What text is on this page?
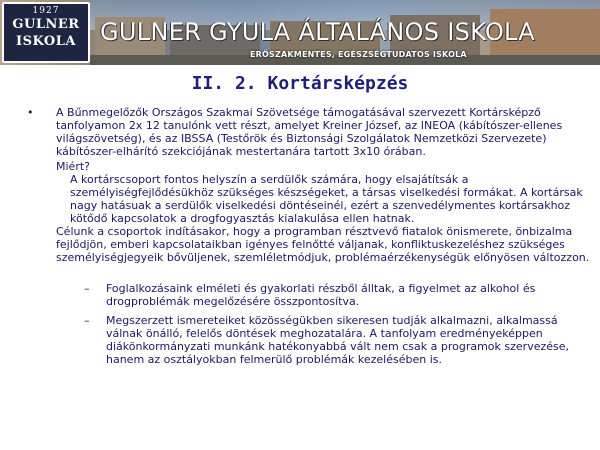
1927
GULNER
ISKOLA	GULNER GYULA ÁLTALÁNOS ISKOLA
ERŐSZAKMENTES, EGÉSZSÉGTUDATOS ISKOLA
II. 2. Kortársképzés
• A Bűnmegelőzők Országos Szakmai Szövetsége támogatásával szervezett Kortársképző tanfolyamon 2x 12 tanulónk vett részt, amelyet Kreiner József, az INEOA (kábítószer-ellenes világszövetség), és az IBSSA (Testőrök és Biztonsági Szolgálatok Nemzetközi Szervezete) kábítószer-elhárító szekciójának mestertanára tartott 3x10 órában.

Miért?

A kortárscsoport fontos helyszín a serdülők számára, hogy elsajátítsák a személyiségfejlődésükhöz szükséges készségeket, a társas viselkedési formákat. A kortársak nagy hatásuak a serdülők viselkedési döntéseinél, ezért a szenvedélymentes kortársakhoz kötődő kapcsolatok a drogfogyasztás kialakulása ellen hatnak.

Célunk a csoportok indításakor, hogy a programban résztvevő fiatalok önismerete, önbizalma fejlődjön, emberi kapcsolataikban igényes felnőtté váljanak, konfliktuskezeléshez szükséges személyiségjegyeik bővüljenek, szemléletmódjuk, problémaérzékenységük előnyösen változzon.

– Foglalkozásaink elméleti és gyakorlati részből álltak, a figyelmet az alkohol és drogproblémák megelőzésére összpontosítva.

– Megszerzett ismereteiket közösségükben sikeresen tudják alkalmazni, alkalmassá válnak önálló, felelős döntések meghozatalára. A tanfolyam eredményeképpen diákönkormányzati munkánk hatékonyabbá vált nem csak a programok szervezése, hanem az osztályokban felmerülő problémák kezelésében is.
